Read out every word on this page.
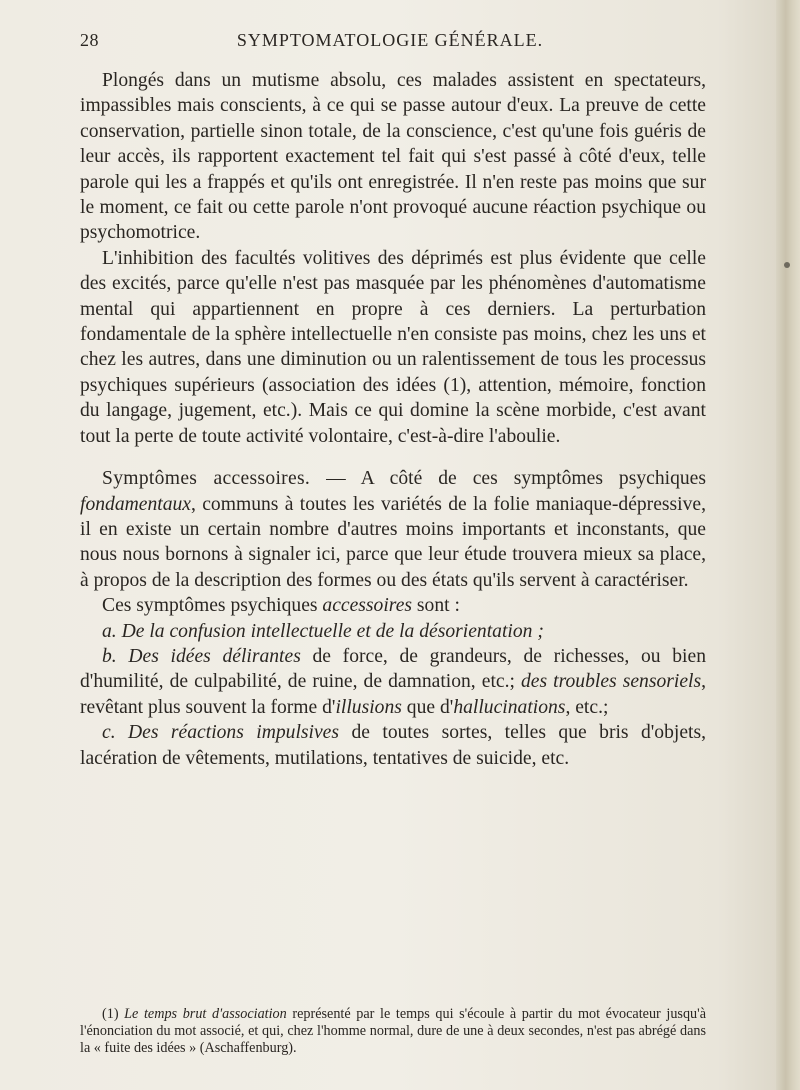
28	SYMPTOMATOLOGIE GÉNÉRALE.

Plongés dans un mutisme absolu, ces malades assistent en spectateurs, impassibles mais conscients, à ce qui se passe autour d'eux. La preuve de cette conservation, partielle sinon totale, de la conscience, c'est qu'une fois guéris de leur accès, ils rapportent exactement tel fait qui s'est passé à côté d'eux, telle parole qui les a frappés et qu'ils ont enregistrée. Il n'en reste pas moins que sur le moment, ce fait ou cette parole n'ont provoqué aucune réaction psychique ou psychomotrice.

L'inhibition des facultés volitives des déprimés est plus évidente que celle des excités, parce qu'elle n'est pas masquée par les phénomènes d'automatisme mental qui appartiennent en propre à ces derniers. La perturbation fondamentale de la sphère intellectuelle n'en consiste pas moins, chez les uns et chez les autres, dans une diminution ou un ralentissement de tous les processus psychiques supérieurs (association des idées (1), attention, mémoire, fonction du langage, jugement, etc.). Mais ce qui domine la scène morbide, c'est avant tout la perte de toute activité volontaire, c'est-à-dire l'aboulie.

Symptômes accessoires. — A côté de ces symptômes psychiques fondamentaux, communs à toutes les variétés de la folie maniaque-dépressive, il en existe un certain nombre d'autres moins importants et inconstants, que nous nous bornons à signaler ici, parce que leur étude trouvera mieux sa place, à propos de la description des formes ou des états qu'ils servent à caractériser.

Ces symptômes psychiques accessoires sont :

a. De la confusion intellectuelle et de la désorientation ;

b. Des idées délirantes de force, de grandeurs, de richesses, ou bien d'humilité, de culpabilité, de ruine, de damnation, etc.; des troubles sensoriels, revêtant plus souvent la forme d'illusions que d'hallucinations, etc.;

c. Des réactions impulsives de toutes sortes, telles que bris d'objets, lacération de vêtements, mutilations, tentatives de suicide, etc.

(1) Le temps brut d'association représenté par le temps qui s'écoule à partir du mot évocateur jusqu'à l'énonciation du mot associé, et qui, chez l'homme normal, dure de une à deux secondes, n'est pas abrégé dans la « fuite des idées » (Aschaffenburg).
